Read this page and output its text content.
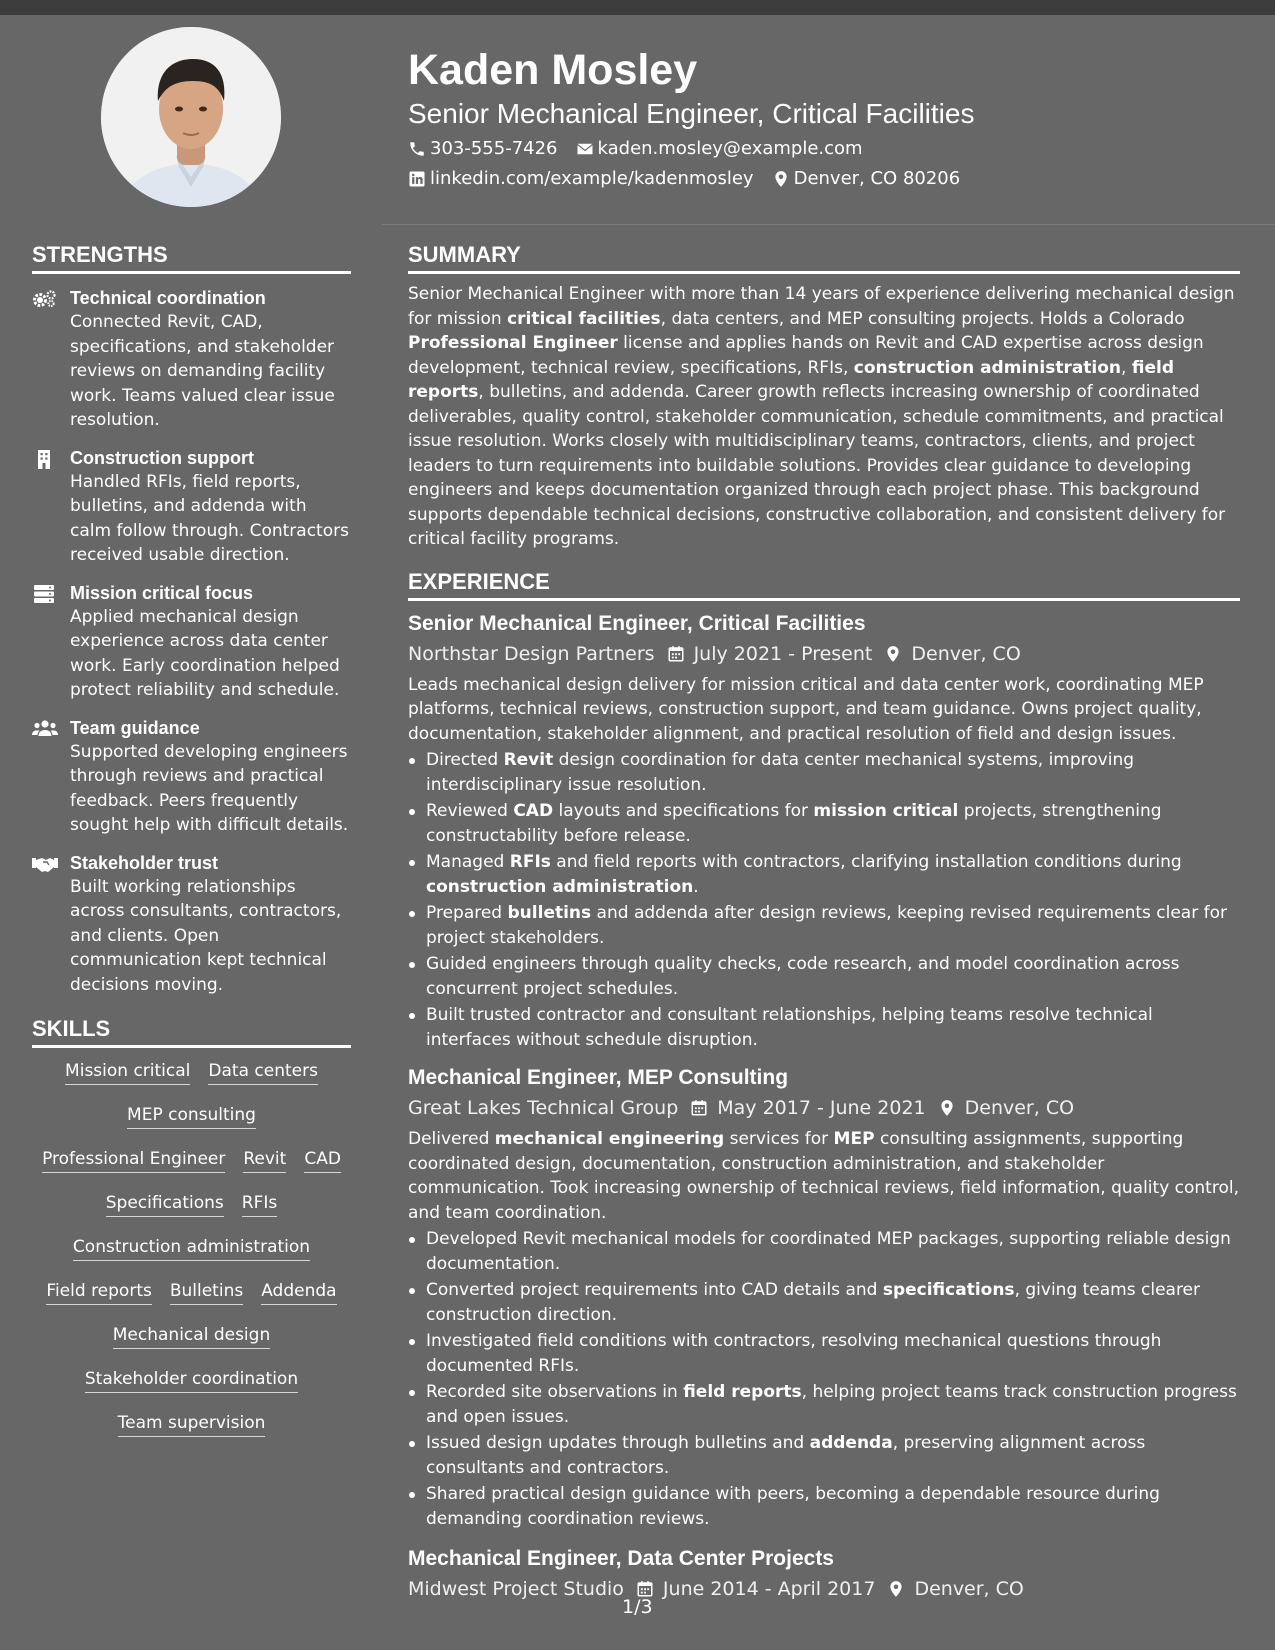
Kaden Mosley
Senior Mechanical Engineer, Critical Facilities
303-555-7426 kaden.mosley@example.com
linkedin.com/example/kadenmosley Denver, CO 80206
STRENGTHS
Technical coordination
Connected Revit, CAD, specifications, and stakeholder reviews on demanding facility work. Teams valued clear issue resolution.
Construction support
Handled RFIs, field reports, bulletins, and addenda with calm follow through. Contractors received usable direction.
Mission critical focus
Applied mechanical design experience across data center work. Early coordination helped protect reliability and schedule.
Team guidance
Supported developing engineers through reviews and practical feedback. Peers frequently sought help with difficult details.
Stakeholder trust
Built working relationships across consultants, contractors, and clients. Open communication kept technical decisions moving.
SKILLS
Mission critical Data centers
MEP consulting
Professional Engineer Revit CAD
Specifications RFIs
Construction administration
Field reports Bulletins Addenda
Mechanical design
Stakeholder coordination
Team supervision
SUMMARY

Senior Mechanical Engineer with more than 14 years of experience delivering mechanical design for mission critical facilities, data centers, and MEP consulting projects. Holds a Colorado Professional Engineer license and applies hands on Revit and CAD expertise across design development, technical review, specifications, RFIs, construction administration, field reports, bulletins, and addenda. Career growth reflects increasing ownership of coordinated deliverables, quality control, stakeholder communication, schedule commitments, and practical issue resolution. Works closely with multidisciplinary teams, contractors, clients, and project leaders to turn requirements into buildable solutions. Provides clear guidance to developing engineers and keeps documentation organized through each project phase. This background supports dependable technical decisions, constructive collaboration, and consistent delivery for critical facility programs.

EXPERIENCE
Senior Mechanical Engineer, Critical Facilities
Northstar Design Partners July 2021 - Present Denver, CO

Leads mechanical design delivery for mission critical and data center work, coordinating MEP platforms, technical reviews, construction support, and team guidance. Owns project quality, documentation, stakeholder alignment, and practical resolution of field and design issues.

Directed Revit design coordination for data center mechanical systems, improving interdisciplinary issue resolution.
Reviewed CAD layouts and specifications for mission critical projects, strengthening constructability before release.
Managed RFIs and field reports with contractors, clarifying installation conditions during construction administration.
Prepared bulletins and addenda after design reviews, keeping revised requirements clear for project stakeholders.
Guided engineers through quality checks, code research, and model coordination across concurrent project schedules.
Built trusted contractor and consultant relationships, helping teams resolve technical interfaces without schedule disruption.
Mechanical Engineer, MEP Consulting
Great Lakes Technical Group May 2017 - June 2021 Denver, CO

Delivered mechanical engineering services for MEP consulting assignments, supporting coordinated design, documentation, construction administration, and stakeholder communication. Took increasing ownership of technical reviews, field information, quality control, and team coordination.

Developed Revit mechanical models for coordinated MEP packages, supporting reliable design documentation.
Converted project requirements into CAD details and specifications, giving teams clearer construction direction.
Investigated field conditions with contractors, resolving mechanical questions through documented RFIs.
Recorded site observations in field reports, helping project teams track construction progress and open issues.
Issued design updates through bulletins and addenda, preserving alignment across consultants and contractors.
Shared practical design guidance with peers, becoming a dependable resource during demanding coordination reviews.
Mechanical Engineer, Data Center Projects
Midwest Project Studio June 2014 - April 2017 Denver, CO
1/3
